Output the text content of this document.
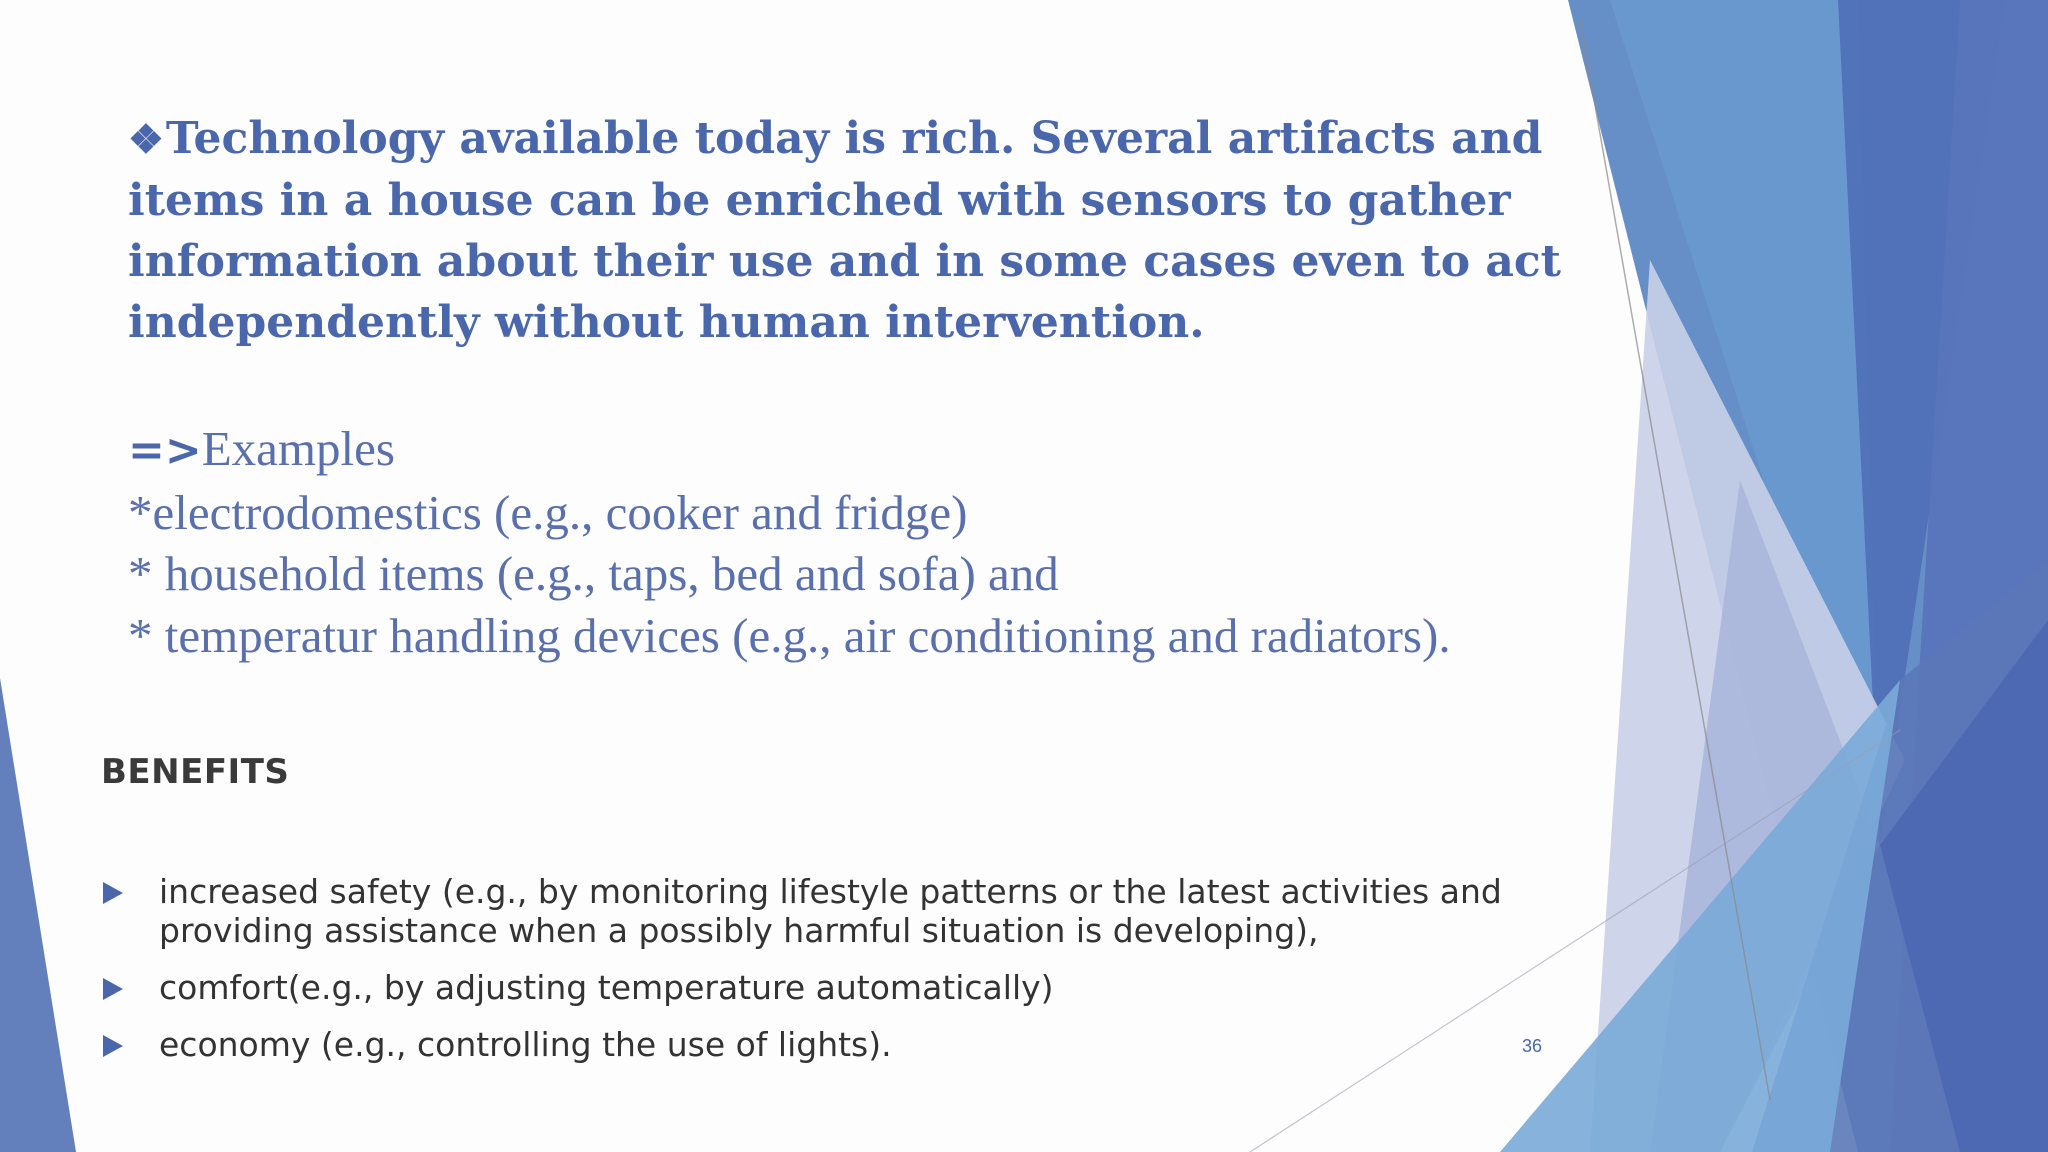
❖Technology available today is rich. Several artifacts and items in a house can be enriched with sensors to gather information about their use and in some cases even to act independently without human intervention.

=>Examples
*electrodomestics (e.g., cooker and fridge)
* household items (e.g., taps, bed and sofa) and
* temperatur handling devices (e.g., air conditioning and radiators).
BENEFITS
increased safety (e.g., by monitoring lifestyle patterns or the latest activities and providing assistance when a possibly harmful situation is developing),
comfort(e.g., by adjusting temperature automatically)
economy (e.g., controlling the use of lights).	36
